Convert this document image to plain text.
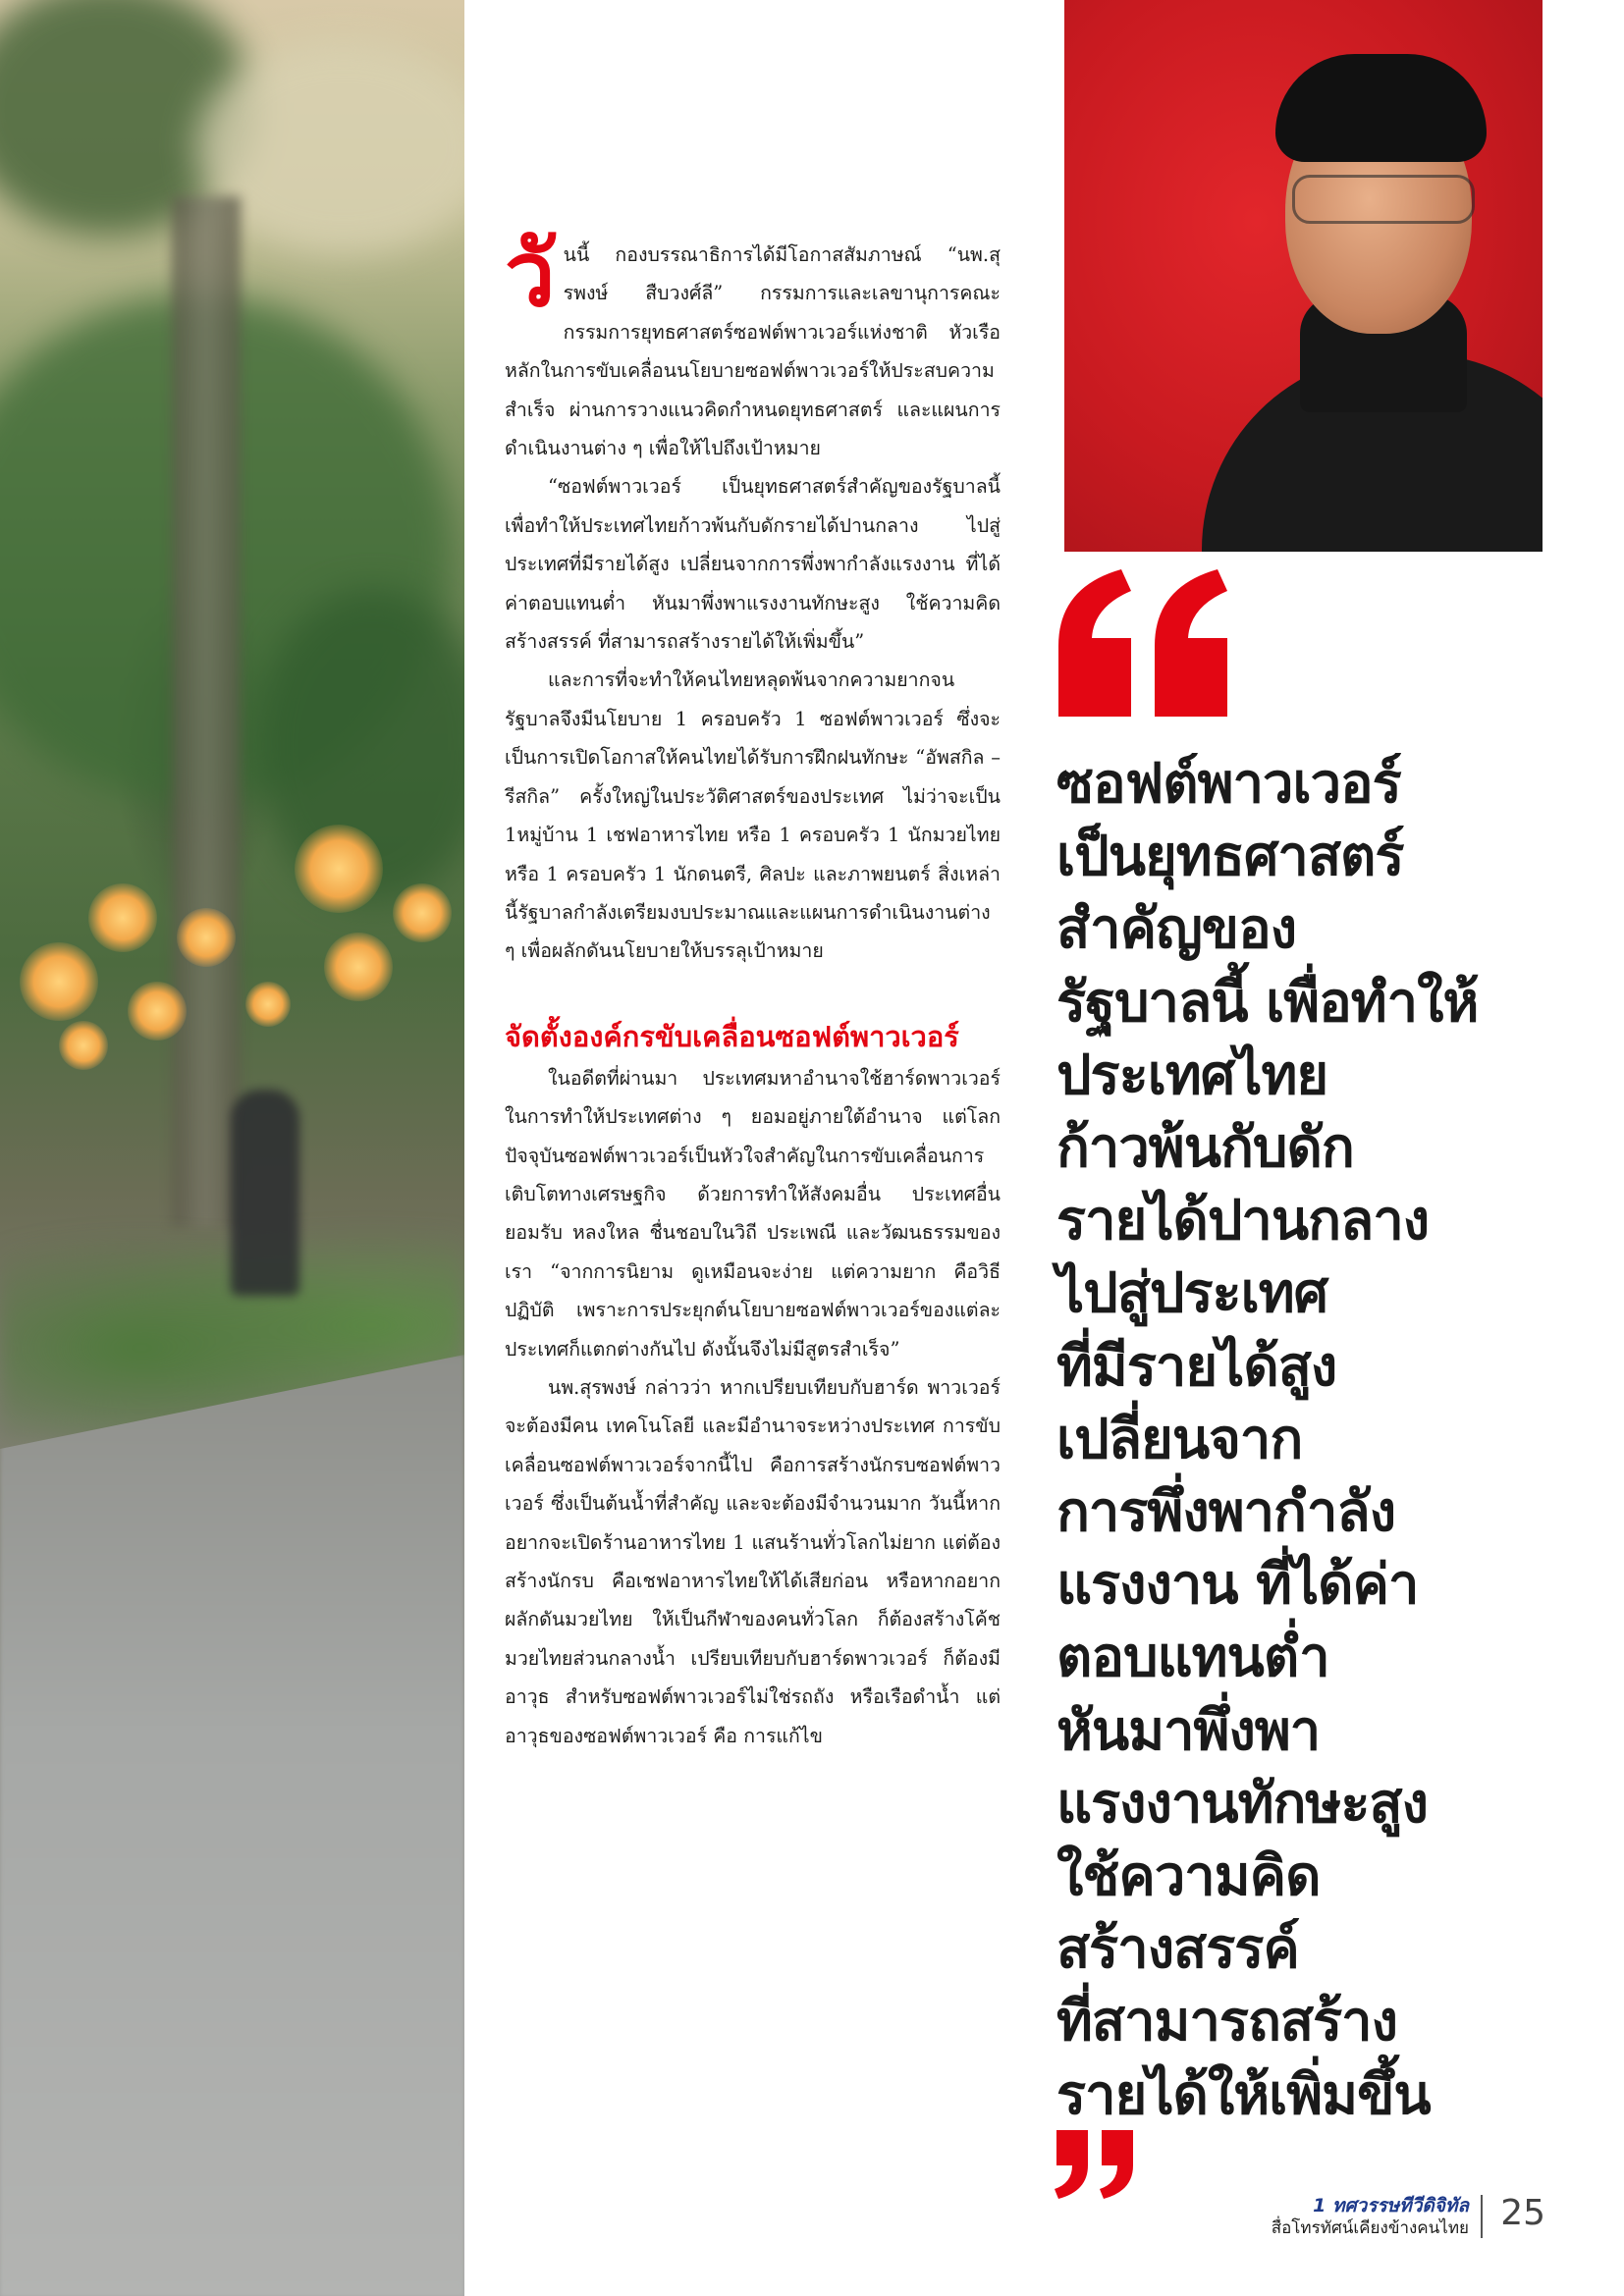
วันนี้ กองบรรณาธิการได้มีโอกาสสัมภาษณ์ “นพ.สุรพงษ์ สืบวงศ์ลี” กรรมการและเลขานุการคณะกรรมการยุทธศาสตร์ซอฟต์พาวเวอร์แห่งชาติ หัวเรือหลักในการขับเคลื่อนนโยบายซอฟต์พาวเวอร์ให้ประสบความสำเร็จ ผ่านการวางแนวคิดกำหนดยุทธศาสตร์ และแผนการดำเนินงานต่าง ๆ เพื่อให้ไปถึงเป้าหมาย

“ซอฟต์พาวเวอร์ เป็นยุทธศาสตร์สำคัญของรัฐบาลนี้ เพื่อทำให้ประเทศไทยก้าวพ้นกับดักรายได้ปานกลาง ไปสู่ประเทศที่มีรายได้สูง เปลี่ยนจากการพึ่งพากำลังแรงงาน ที่ได้ค่าตอบแทนต่ำ หันมาพึ่งพาแรงงานทักษะสูง ใช้ความคิดสร้างสรรค์ ที่สามารถสร้างรายได้ให้เพิ่มขึ้น”

และการที่จะทำให้คนไทยหลุดพ้นจากความยากจน รัฐบาลจึงมีนโยบาย 1 ครอบครัว 1 ซอฟต์พาวเวอร์ ซึ่งจะเป็นการเปิดโอกาสให้คนไทยได้รับการฝึกฝนทักษะ “อัพสกิล – รีสกิล” ครั้งใหญ่ในประวัติศาสตร์ของประเทศ ไม่ว่าจะเป็น 1หมู่บ้าน 1 เชฟอาหารไทย หรือ 1 ครอบครัว 1 นักมวยไทย หรือ 1 ครอบครัว 1 นักดนตรี, ศิลปะ และภาพยนตร์ สิ่งเหล่านี้รัฐบาลกำลังเตรียมงบประมาณและแผนการดำเนินงานต่าง ๆ เพื่อผลักดันนโยบายให้บรรลุเป้าหมาย

จัดตั้งองค์กรขับเคลื่อนซอฟต์พาวเวอร์

ในอดีตที่ผ่านมา ประเทศมหาอำนาจใช้ฮาร์ดพาวเวอร์ในการทำให้ประเทศต่าง ๆ ยอมอยู่ภายใต้อำนาจ แต่โลกปัจจุบันซอฟต์พาวเวอร์เป็นหัวใจสำคัญในการขับเคลื่อนการเติบโตทางเศรษฐกิจ ด้วยการทำให้สังคมอื่น ประเทศอื่นยอมรับ หลงใหล ชื่นชอบในวิถี ประเพณี และวัฒนธรรมของเรา “จากการนิยาม ดูเหมือนจะง่าย แต่ความยาก คือวิธีปฏิบัติ เพราะการประยุกต์นโยบายซอฟต์พาวเวอร์ของแต่ละประเทศก็แตกต่างกันไป ดังนั้นจึงไม่มีสูตรสำเร็จ”

นพ.สุรพงษ์ กล่าวว่า หากเปรียบเทียบกับฮาร์ด พาวเวอร์ จะต้องมีคน เทคโนโลยี และมีอำนาจระหว่างประเทศ การขับเคลื่อนซอฟต์พาวเวอร์จากนี้ไป คือการสร้างนักรบซอฟต์พาวเวอร์ ซึ่งเป็นต้นน้ำที่สำคัญ และจะต้องมีจำนวนมาก วันนี้หากอยากจะเปิดร้านอาหารไทย 1 แสนร้านทั่วโลกไม่ยาก แต่ต้องสร้างนักรบ คือเชฟอาหารไทยให้ได้เสียก่อน หรือหากอยากผลักดันมวยไทย ให้เป็นกีฬาของคนทั่วโลก ก็ต้องสร้างโค้ชมวยไทยส่วนกลางน้ำ เปรียบเทียบกับฮาร์ดพาวเวอร์ ก็ต้องมี อาวุธ สำหรับซอฟต์พาวเวอร์ไม่ใช่รถถัง หรือเรือดำน้ำ แต่อาวุธของซอฟต์พาวเวอร์ คือ การแก้ไข

ซอฟต์พาวเวอร์
เป็นยุทธศาสตร์
สำคัญของ
รัฐบาลนี้ เพื่อทำให้
ประเทศไทย
ก้าวพ้นกับดัก
รายได้ปานกลาง
ไปสู่ประเทศ
ที่มีรายได้สูง
เปลี่ยนจาก
การพึ่งพากำลัง
แรงงาน ที่ได้ค่า
ตอบแทนต่ำ
หันมาพึ่งพา
แรงงานทักษะสูง
ใช้ความคิด
สร้างสรรค์
ที่สามารถสร้าง
รายได้ให้เพิ่มขึ้น
1 ทศวรรษทีวีดิจิทัล
สื่อโทรทัศน์เคียงข้างคนไทย 25
